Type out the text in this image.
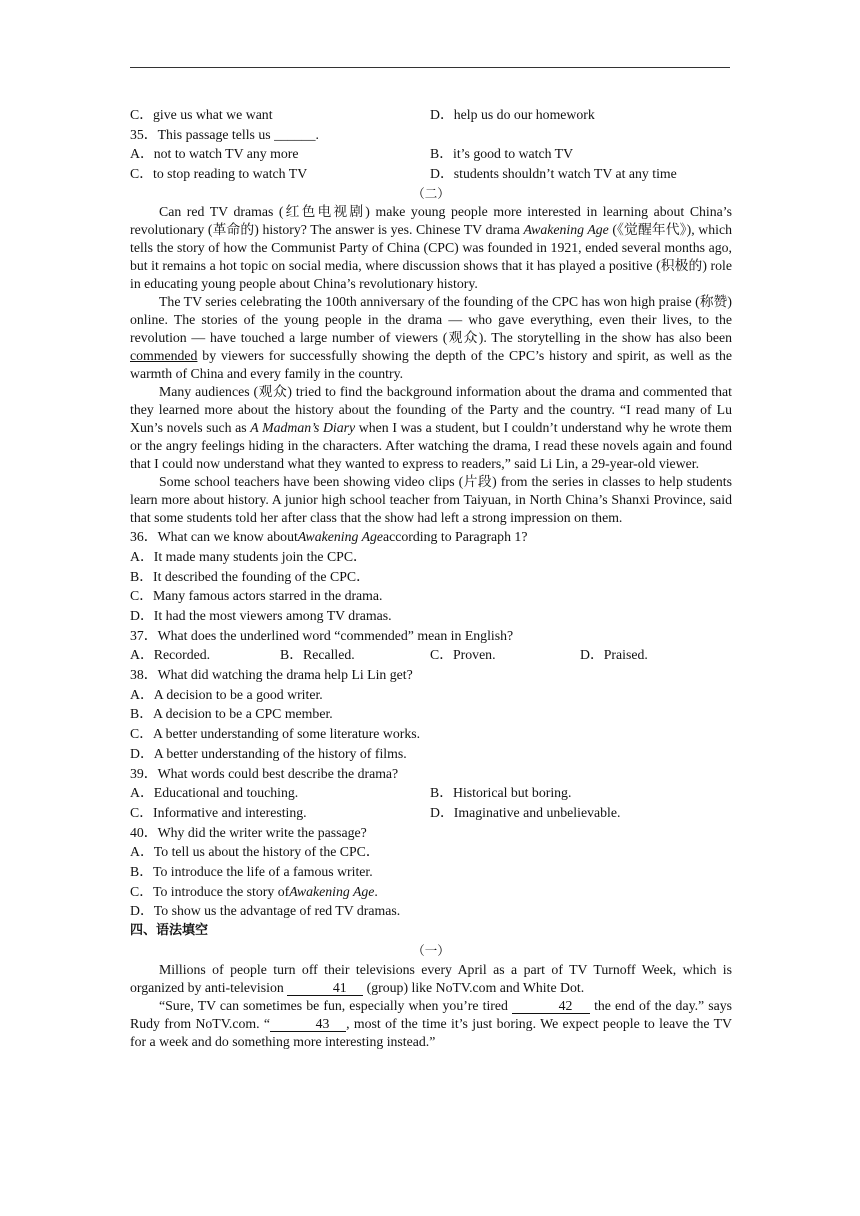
C．give us what we want	D．help us do our homework
35．This passage tells us ______.
A．not to watch TV any more	B．it’s good to watch TV
C．to stop reading to watch TV	D．students shouldn’t watch TV at any time
（二）

Can red TV dramas (红色电视剧) make young people more interested in learning about China’s revolutionary (革命的) history? The answer is yes. Chinese TV drama Awakening Age (《觉醒年代》), which tells the story of how the Communist Party of China (CPC) was founded in 1921, ended several months ago, but it remains a hot topic on social media, where discussion shows that it has played a positive (积极的) role in educating young people about China’s revolutionary history.

The TV series celebrating the 100th anniversary of the founding of the CPC has won high praise (称赞) online. The stories of the young people in the drama — who gave everything, even their lives, to the revolution — have touched a large number of viewers (观众). The storytelling in the show has also been commended by viewers for successfully showing the depth of the CPC’s history and spirit, as well as the warmth of China and every family in the country.

Many audiences (观众) tried to find the background information about the drama and commented that they learned more about the history about the founding of the Party and the country. “I read many of Lu Xun’s novels such as A Madman’s Diary when I was a student, but I couldn’t understand why he wrote them or the angry feelings hiding in the characters. After watching the drama, I read these novels again and found that I could now understand what they wanted to express to readers,” said Li Lin, a 29-year-old viewer.

Some school teachers have been showing video clips (片段) from the series in classes to help students learn more about history. A junior high school teacher from Taiyuan, in North China’s Shanxi Province, said that some students told her after class that the show had left a strong impression on them.

36．What can we know about Awakening Age according to Paragraph 1?
A．It made many students join the CPC．
B．It described the founding of the CPC．
C．Many famous actors starred in the drama.
D．It had the most viewers among TV dramas.
37．What does the underlined word “commended” mean in English?
A．Recorded.	B．Recalled.	C．Proven.	D．Praised.
38．What did watching the drama help Li Lin get?
A．A decision to be a good writer.
B．A decision to be a CPC member.
C．A better understanding of some literature works.
D．A better understanding of the history of films.
39．What words could best describe the drama?
A．Educational and touching.	B．Historical but boring.
C．Informative and interesting.	D．Imaginative and unbelievable.
40．Why did the writer write the passage?
A．To tell us about the history of the CPC．
B．To introduce the life of a famous writer.
C．To introduce the story of Awakening Age .
D．To show us the advantage of red TV dramas.
四、语法填空
（一）

Millions of people turn off their televisions every April as a part of TV Turnoff Week, which is organized by anti-television	41 (group) like NoTV.com and White Dot.

“Sure, TV can sometimes be fun, especially when you’re tired	42 the end of the day.” says Rudy from NoTV.com. “	43 , most of the time it’s just boring. We expect people to leave the TV for a week and do something more interesting instead.”
